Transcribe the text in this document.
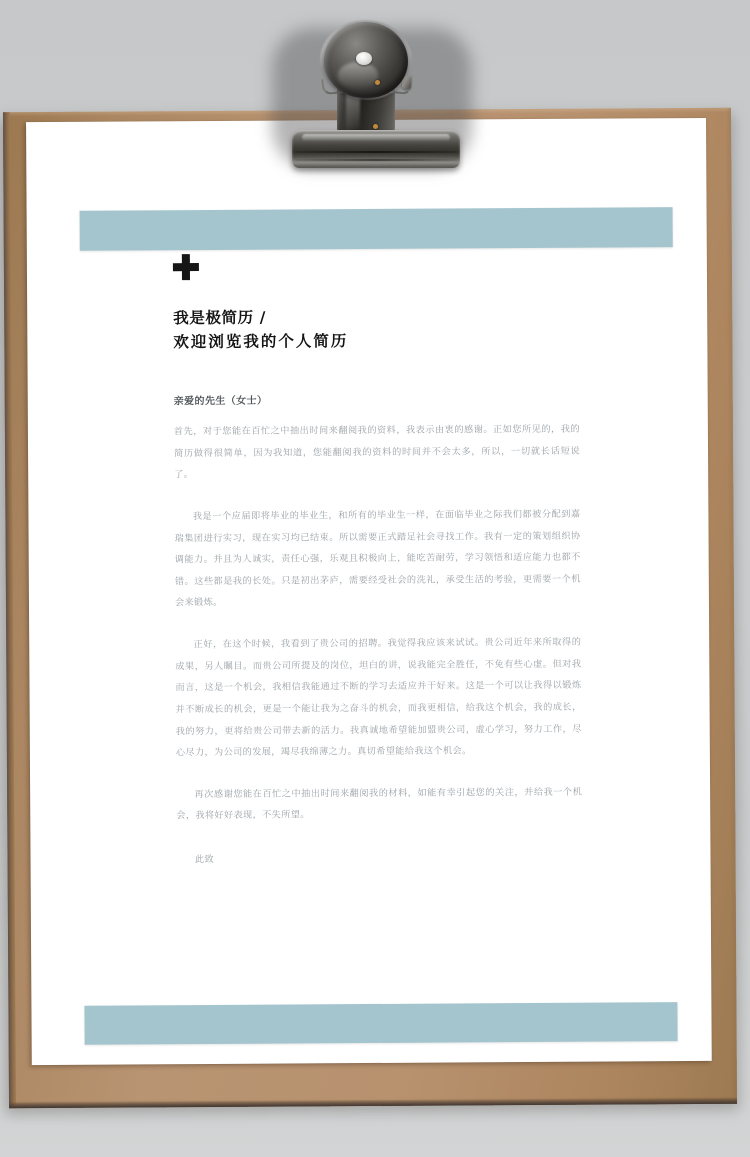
我是极简历 /
欢迎浏览我的个人简历

亲爱的先生（女士）

首先，对于您能在百忙之中抽出时间来翻阅我的资料，我表示由衷的感谢。正如您所见的，我的简历做得很简单，因为我知道，您能翻阅我的资料的时间并不会太多，所以，一切就长话短说了。

我是一个应届即将毕业的毕业生，和所有的毕业生一样，在面临毕业之际我们都被分配到嘉瑞集团进行实习，现在实习均已结束。所以需要正式踏足社会寻找工作。我有一定的策划组织协调能力。并且为人诚实，责任心强，乐观且积极向上，能吃苦耐劳，学习领悟和适应能力也都不错。这些都是我的长处。只是初出茅庐，需要经受社会的洗礼，承受生活的考验，更需要一个机会来锻炼。

正好，在这个时候，我看到了贵公司的招聘。我觉得我应该来试试。贵公司近年来所取得的成果，另人瞩目。而贵公司所提及的岗位，坦白的讲，说我能完全胜任，不免有些心虚。但对我而言，这是一个机会，我相信我能通过不断的学习去适应并干好来。这是一个可以让我得以锻炼并不断成长的机会，更是一个能让我为之奋斗的机会，而我更相信，给我这个机会，我的成长，我的努力，更将给贵公司带去新的活力。我真诚地希望能加盟贵公司，虚心学习，努力工作，尽心尽力，为公司的发展，竭尽我绵薄之力。真切希望能给我这个机会。

再次感谢您能在百忙之中抽出时间来翻阅我的材料，如能有幸引起您的关注，并给我一个机会，我将好好表现，不失所望。

此致
